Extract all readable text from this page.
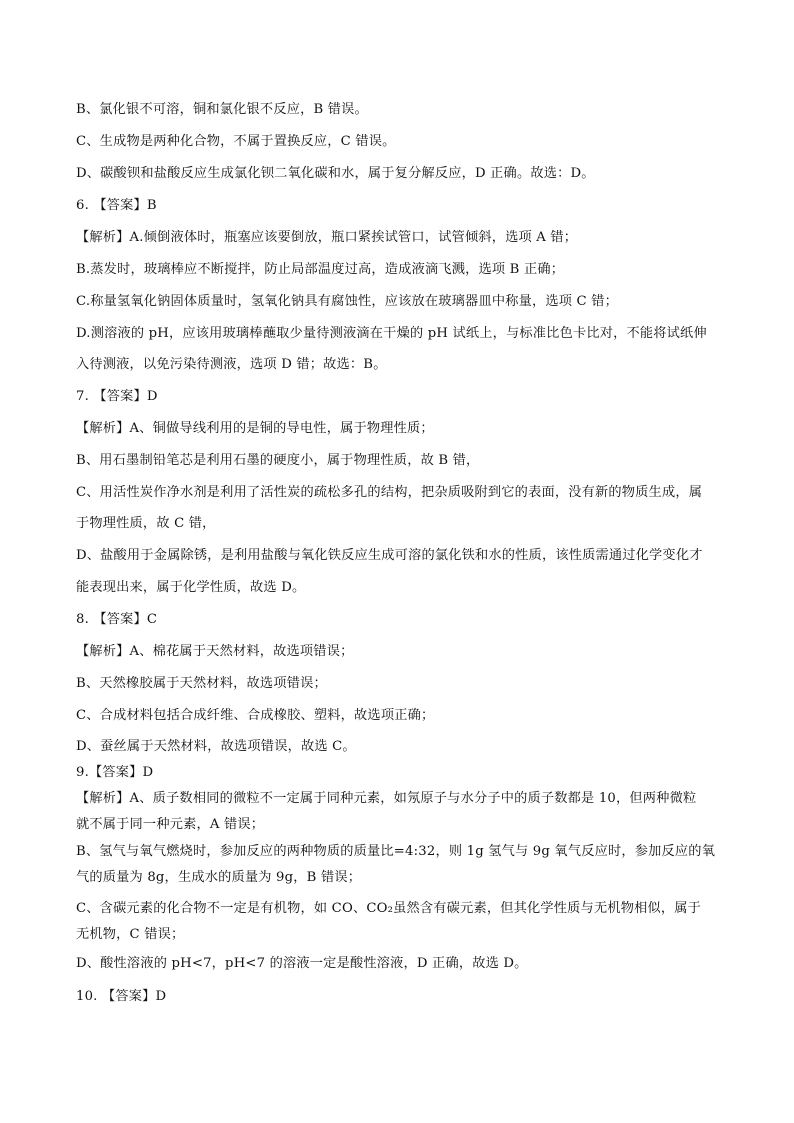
B、氯化银不可溶，铜和氯化银不反应，B 错误。
C、生成物是两种化合物，不属于置换反应，C 错误。
D、碳酸钡和盐酸反应生成氯化钡二氧化碳和水，属于复分解反应，D 正确。故选：D。
6. 【答案】B
【解析】A.倾倒液体时，瓶塞应该要倒放，瓶口紧挨试管口，试管倾斜，选项 A 错；
B.蒸发时，玻璃棒应不断搅拌，防止局部温度过高，造成液滴飞溅，选项 B 正确；
C.称量氢氧化钠固体质量时，氢氧化钠具有腐蚀性，应该放在玻璃器皿中称量，选项 C 错；
D.测溶液的 pH，应该用玻璃棒蘸取少量待测液滴在干燥的 pH 试纸上，与标准比色卡比对，不能将试纸伸
入待测液，以免污染待测液，选项 D 错；故选：B。
7. 【答案】D
【解析】A、铜做导线利用的是铜的导电性，属于物理性质；
B、用石墨制铅笔芯是利用石墨的硬度小，属于物理性质，故 B 错，
C、用活性炭作净水剂是利用了活性炭的疏松多孔的结构，把杂质吸附到它的表面，没有新的物质生成，属
于物理性质，故 C 错，
D、盐酸用于金属除锈，是利用盐酸与氧化铁反应生成可溶的氯化铁和水的性质，该性质需通过化学变化才
能表现出来，属于化学性质，故选 D。
8. 【答案】C
【解析】A、棉花属于天然材料，故选项错误；
B、天然橡胶属于天然材料，故选项错误；
C、合成材料包括合成纤维、合成橡胶、塑料，故选项正确；
D、蚕丝属于天然材料，故选项错误，故选 C。
9.【答案】D
【解析】A、质子数相同的微粒不一定属于同种元素，如氖原子与水分子中的质子数都是 10，但两种微粒
就不属于同一种元素，A 错误；
B、氢气与氧气燃烧时，参加反应的两种物质的质量比=4:32，则 1g 氢气与 9g 氧气反应时，参加反应的氧
气的质量为 8g，生成水的质量为 9g，B 错误；
C、含碳元素的化合物不一定是有机物，如 CO、CO₂虽然含有碳元素，但其化学性质与无机物相似，属于
无机物，C 错误；
D、酸性溶液的 pH<7，pH<7 的溶液一定是酸性溶液，D 正确，故选 D。
10. 【答案】D
